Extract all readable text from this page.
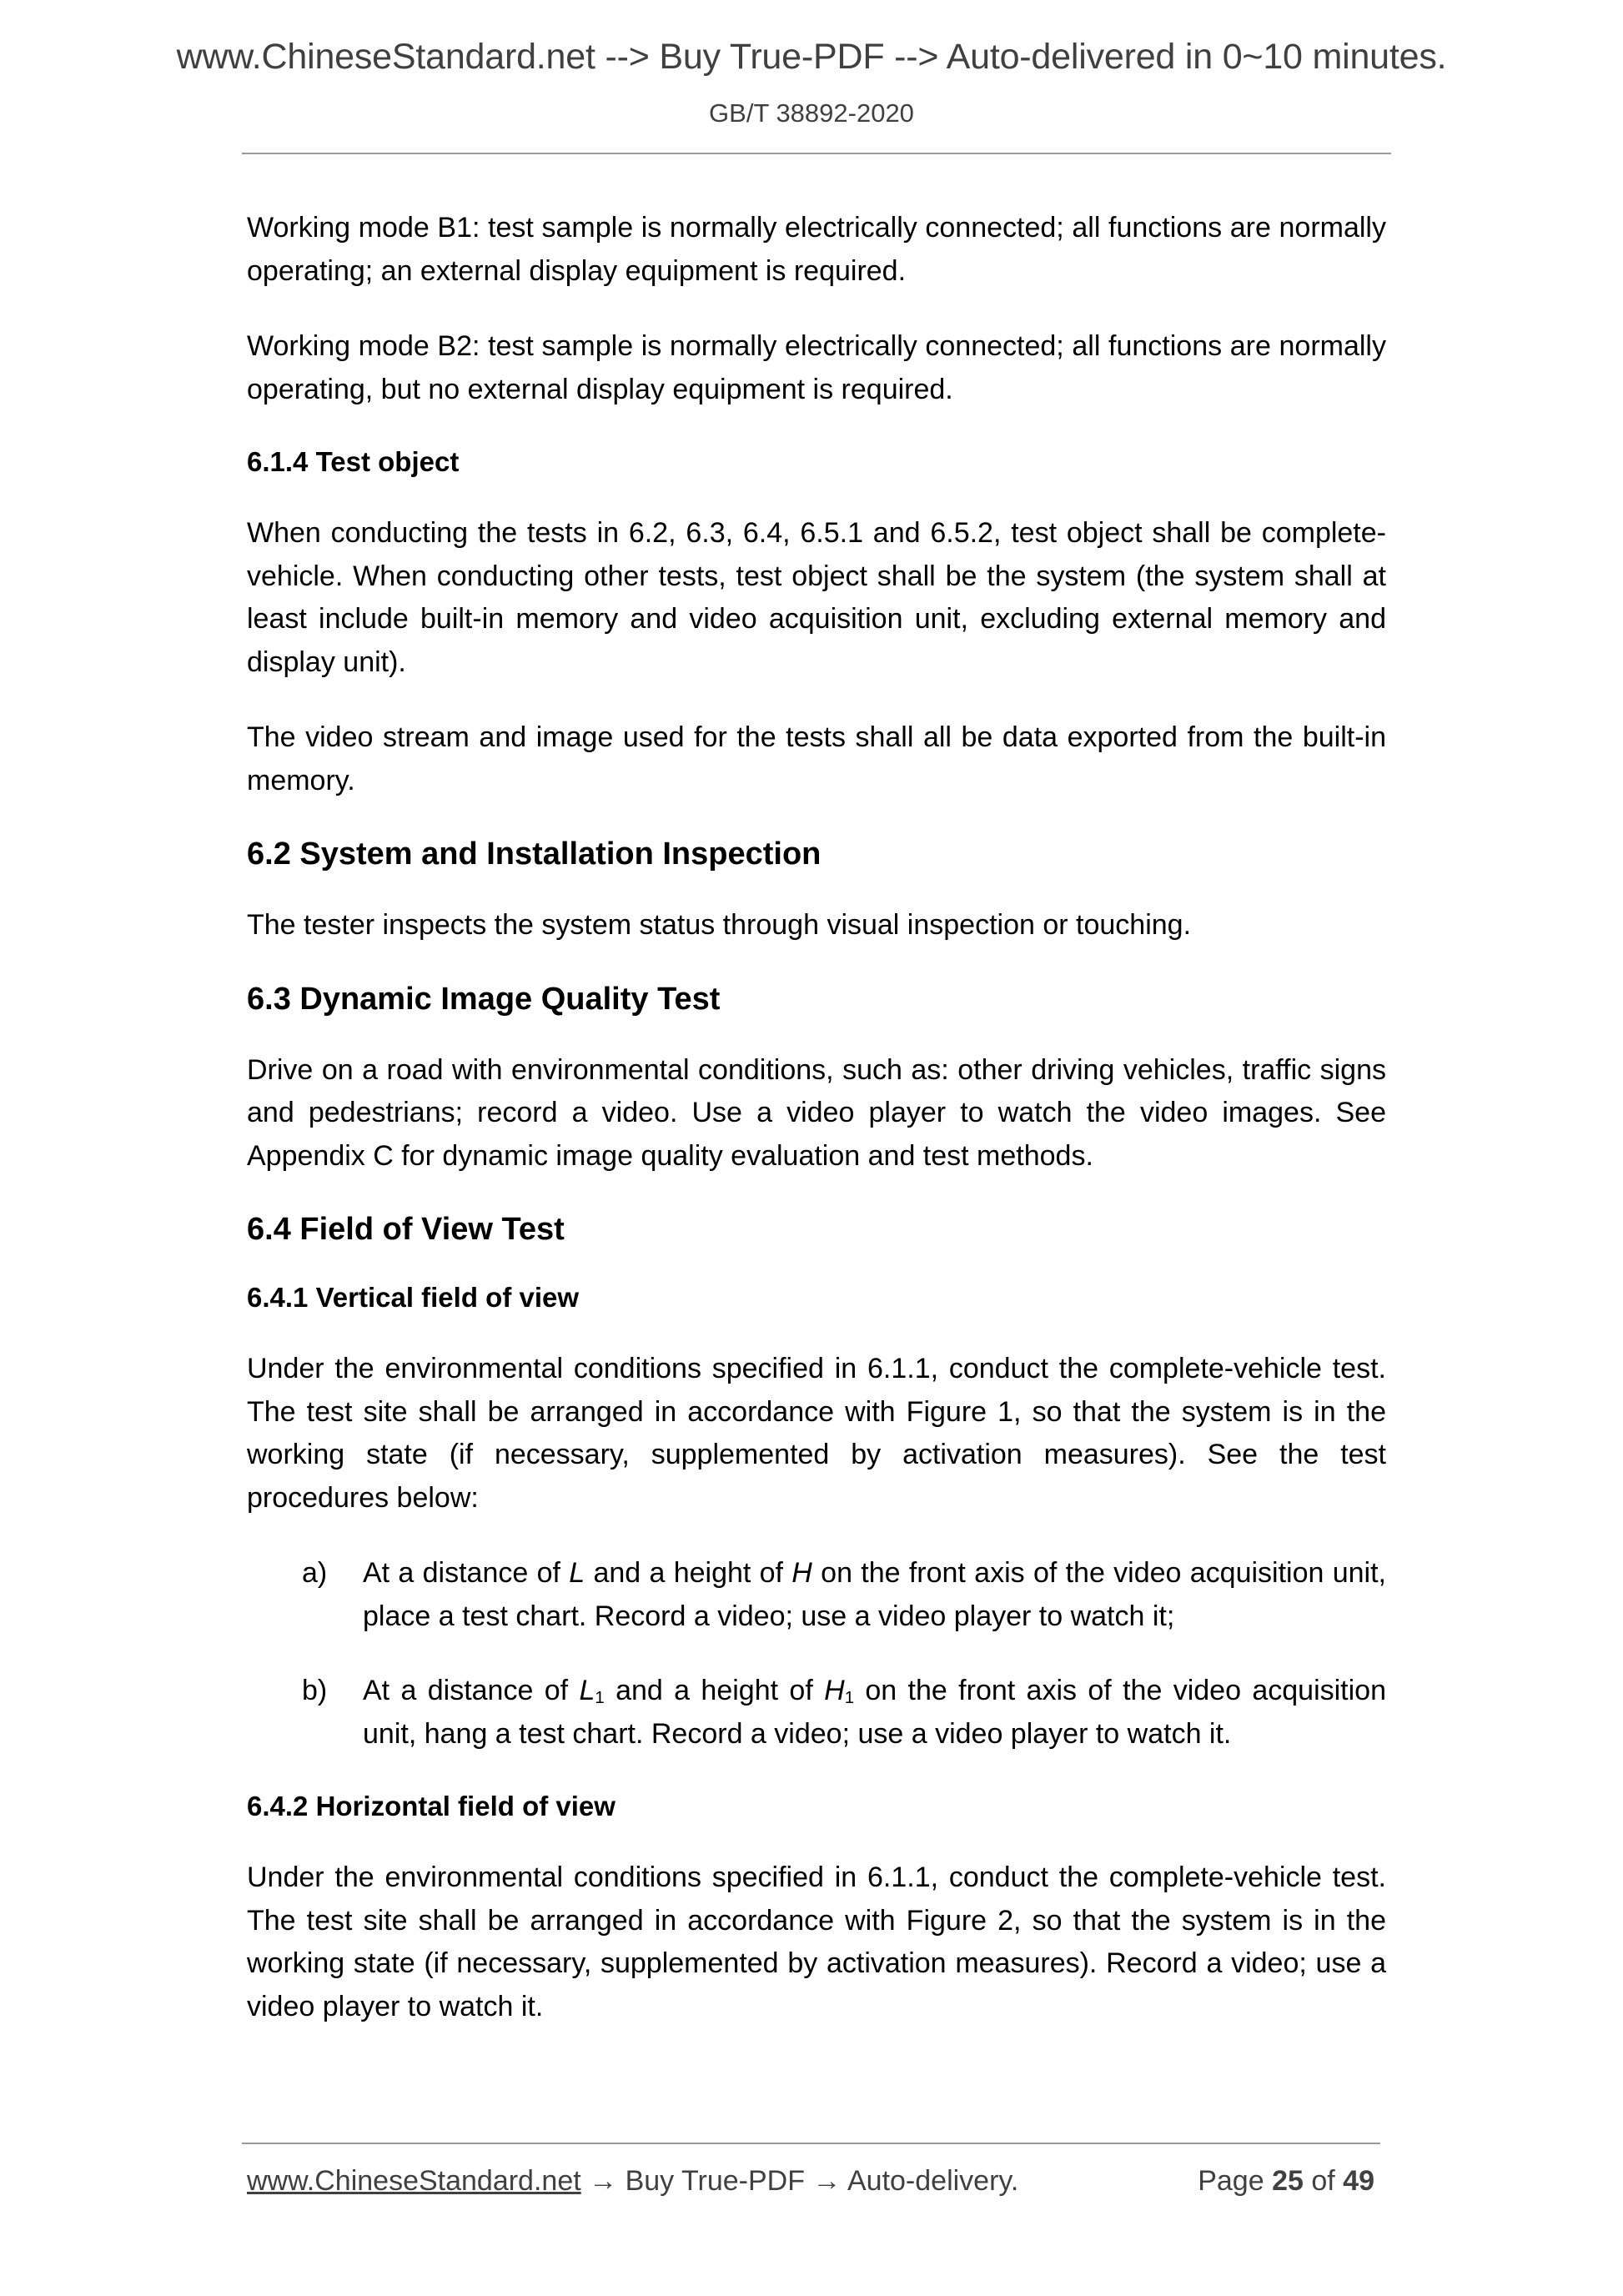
www.ChineseStandard.net --> Buy True-PDF --> Auto-delivered in 0~10 minutes.
GB/T 38892-2020

Working mode B1: test sample is normally electrically connected; all functions are normally operating; an external display equipment is required.

Working mode B2: test sample is normally electrically connected; all functions are normally operating, but no external display equipment is required.

6.1.4 Test object

When conducting the tests in 6.2, 6.3, 6.4, 6.5.1 and 6.5.2, test object shall be complete-vehicle. When conducting other tests, test object shall be the system (the system shall at least include built-in memory and video acquisition unit, excluding external memory and display unit).

The video stream and image used for the tests shall all be data exported from the built-in memory.

6.2 System and Installation Inspection

The tester inspects the system status through visual inspection or touching.

6.3 Dynamic Image Quality Test

Drive on a road with environmental conditions, such as: other driving vehicles, traffic signs and pedestrians; record a video. Use a video player to watch the video images. See Appendix C for dynamic image quality evaluation and test methods.

6.4 Field of View Test
6.4.1 Vertical field of view

Under the environmental conditions specified in 6.1.1, conduct the complete-vehicle test. The test site shall be arranged in accordance with Figure 1, so that the system is in the working state (if necessary, supplemented by activation measures). See the test procedures below:

a) At a distance of L and a height of H on the front axis of the video acquisition unit, place a test chart. Record a video; use a video player to watch it;
b) At a distance of $L_1$ and a height of $H_1$ on the front axis of the video acquisition unit, hang a test chart. Record a video; use a video player to watch it.
6.4.2 Horizontal field of view

Under the environmental conditions specified in 6.1.1, conduct the complete-vehicle test. The test site shall be arranged in accordance with Figure 2, so that the system is in the working state (if necessary, supplemented by activation measures). Record a video; use a video player to watch it.

www.ChineseStandard.net → Buy True-PDF → Auto-delivery.	Page 25 of 49
